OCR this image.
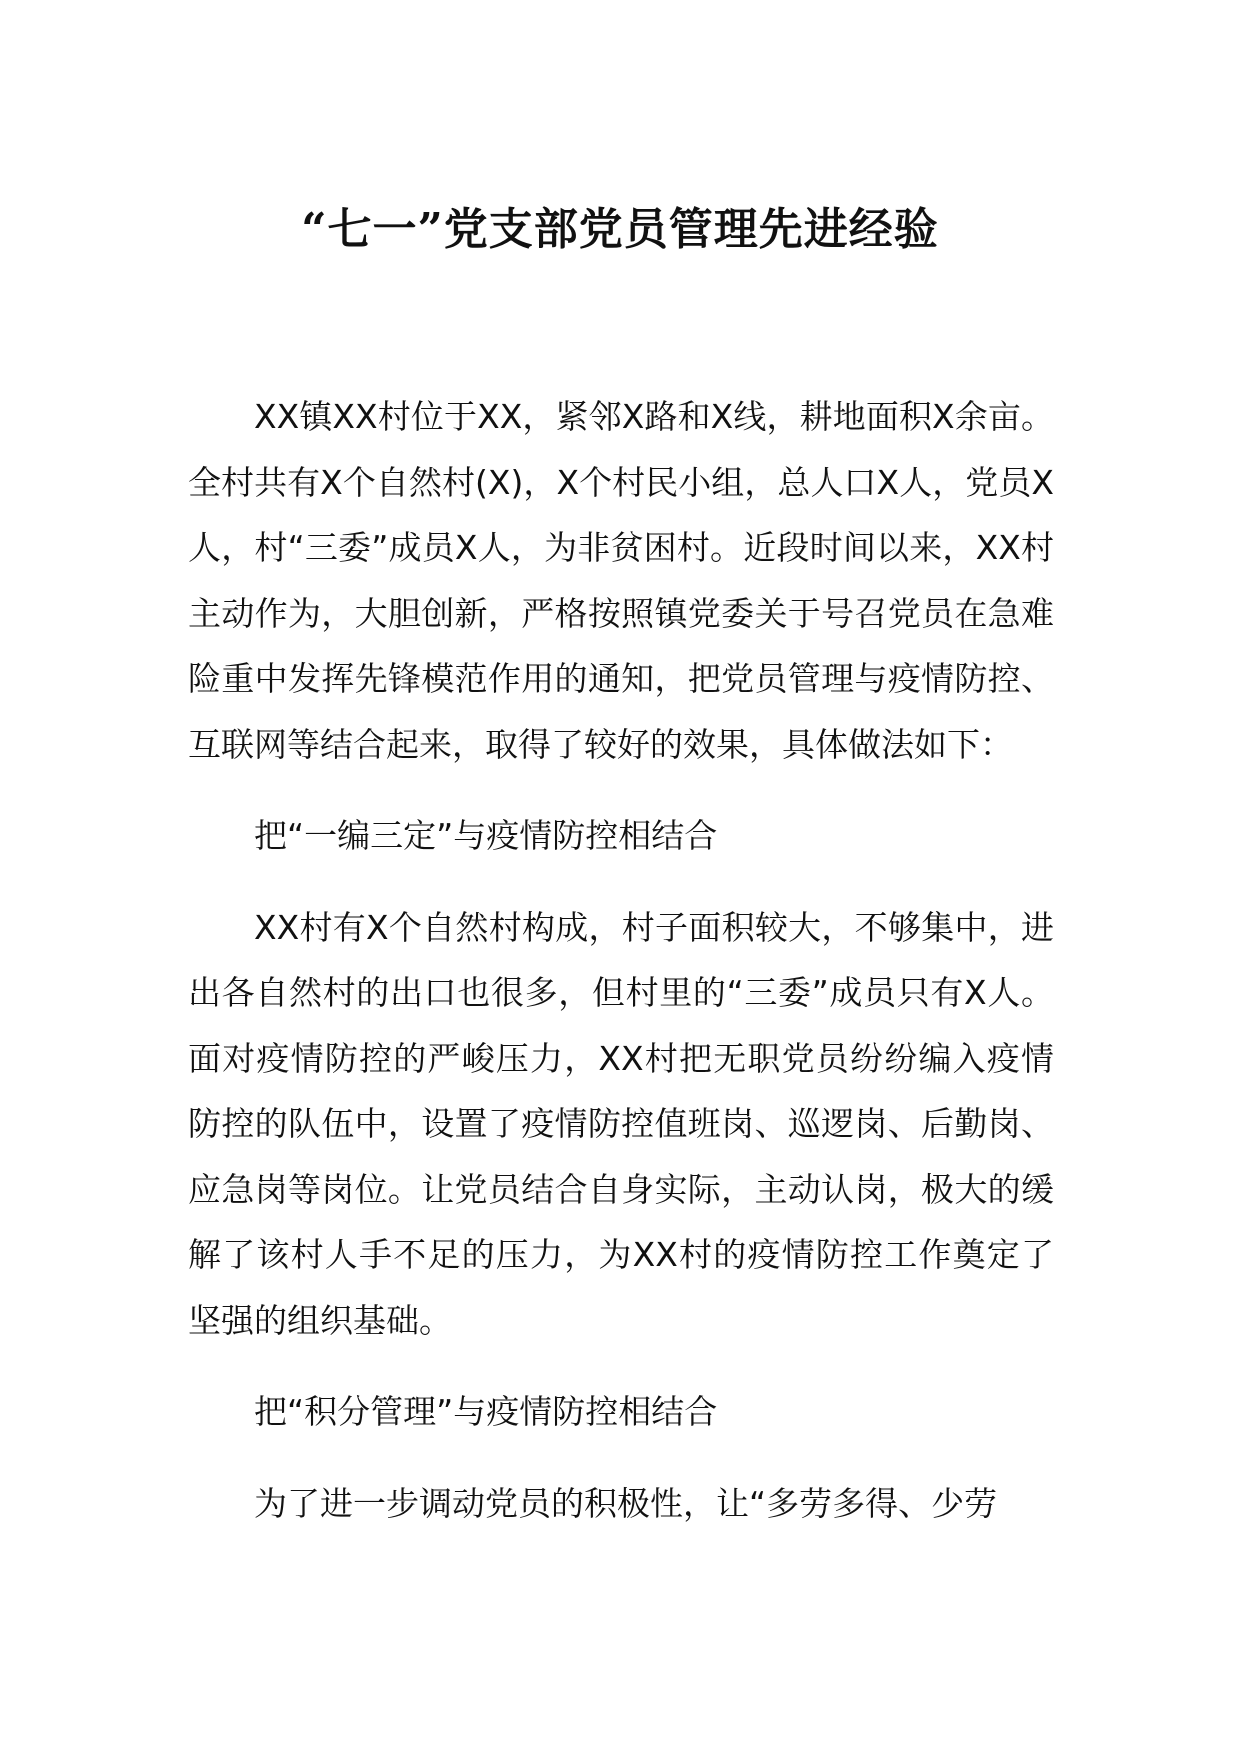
“七一”党支部党员管理先进经验

XX镇XX村位于XX，紧邻X路和X线，耕地面积X余亩。全村共有X个自然村(X)，X个村民小组，总人口X人，党员X人，村“三委”成员X人，为非贫困村。近段时间以来，XX村主动作为，大胆创新，严格按照镇党委关于号召党员在急难险重中发挥先锋模范作用的通知，把党员管理与疫情防控、互联网等结合起来，取得了较好的效果，具体做法如下：

把“一编三定”与疫情防控相结合

XX村有X个自然村构成，村子面积较大，不够集中，进出各自然村的出口也很多，但村里的“三委”成员只有X人。面对疫情防控的严峻压力，XX村把无职党员纷纷编入疫情防控的队伍中，设置了疫情防控值班岗、巡逻岗、后勤岗、应急岗等岗位。让党员结合自身实际，主动认岗，极大的缓解了该村人手不足的压力，为XX村的疫情防控工作奠定了坚强的组织基础。

把“积分管理”与疫情防控相结合

为了进一步调动党员的积极性，让“多劳多得、少劳
